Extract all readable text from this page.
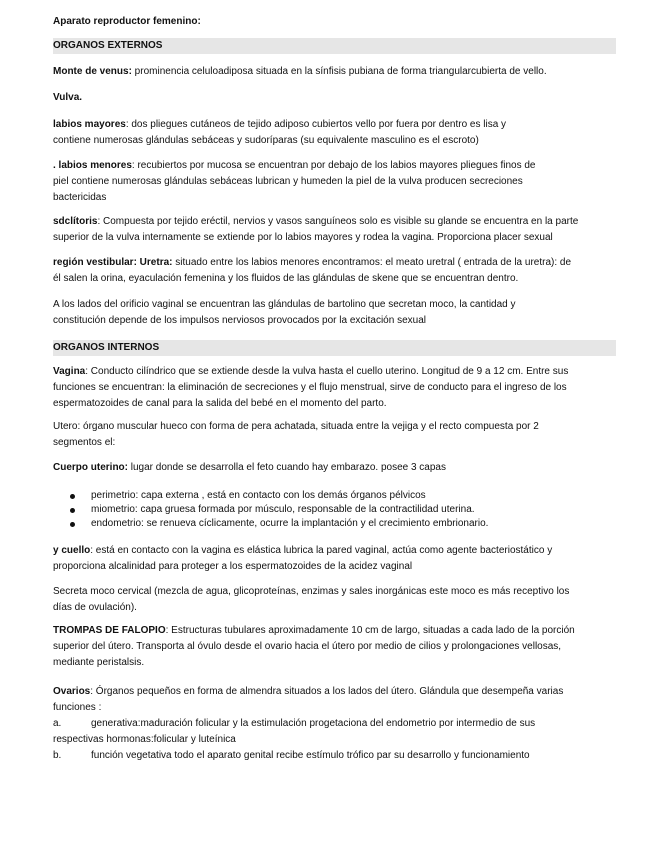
Aparato reproductor femenino:
ORGANOS EXTERNOS
Monte de venus: prominencia celuloadiposa situada en la sínfisis pubiana de forma triangularcubierta de vello.
Vulva.
labios mayores: dos pliegues cutáneos de tejido adiposo cubiertos vello por fuera por dentro es lisa y
contiene numerosas glándulas sebáceas y sudoríparas (su equivalente masculino es el escroto)
. labios menores: recubiertos por mucosa se encuentran por debajo de los labios mayores pliegues finos de
piel contiene numerosas glándulas sebáceas lubrican y humeden la piel de la vulva producen secreciones
bactericidas
sdclítoris: Compuesta por tejido eréctil, nervios y vasos sanguíneos solo es visible su glande se encuentra en la parte
superior de la vulva internamente se extiende por lo labios mayores y rodea la vagina. Proporciona placer sexual
región vestibular: Uretra: situado entre los labios menores encontramos: el meato uretral ( entrada de la uretra): de
él salen la orina, eyaculación femenina y los fluidos de las glándulas de skene que se encuentran dentro.
A los lados del orificio vaginal se encuentran las glándulas de bartolino que secretan moco, la cantidad y
constitución depende de los impulsos nerviosos provocados por la excitación sexual
ORGANOS INTERNOS
Vagina: Conducto cilíndrico que se extiende desde la vulva hasta el cuello uterino. Longitud de 9 a 12 cm. Entre sus
funciones se encuentran: la eliminación de secreciones y el flujo menstrual, sirve de conducto para el ingreso de los
espermatozoides de canal para la salida del bebé en el momento del parto.
Utero: órgano muscular hueco con forma de pera achatada, situada entre la vejiga y el recto compuesta por 2
segmentos el:
Cuerpo uterino: lugar donde se desarrolla el feto cuando hay embarazo. posee 3 capas
perimetrio: capa externa , está en contacto con los demás órganos pélvicos
miometrio: capa gruesa formada por músculo, responsable de la contractilidad uterina.
endometrio: se renueva cíclicamente, ocurre la implantación y el crecimiento embrionario.
y cuello: está en contacto con la vagina es elástica lubrica la pared vaginal, actúa como agente bacteriostático y
proporciona alcalinidad para proteger a los espermatozoides de la acidez vaginal
Secreta moco cervical (mezcla de agua, glicoproteínas, enzimas y sales inorgánicas este moco es más receptivo los
días de ovulación).
TROMPAS DE FALOPIO: Estructuras tubulares aproximadamente 10 cm de largo, situadas a cada lado de la porción
superior del útero. Transporta al óvulo desde el ovario hacia el útero por medio de cilios y prolongaciones vellosas,
mediante peristalsis.
Ovarios: Órganos pequeños en forma de almendra situados a los lados del útero. Glándula que desempeña varias
funciones :
a.	generativa:maduración folicular y la estimulación progetaciona del endometrio por intermedio de sus
respectivas hormonas:folicular y luteínica
b.	función vegetativa todo el aparato genital recibe estímulo trófico par su desarrollo y funcionamiento
